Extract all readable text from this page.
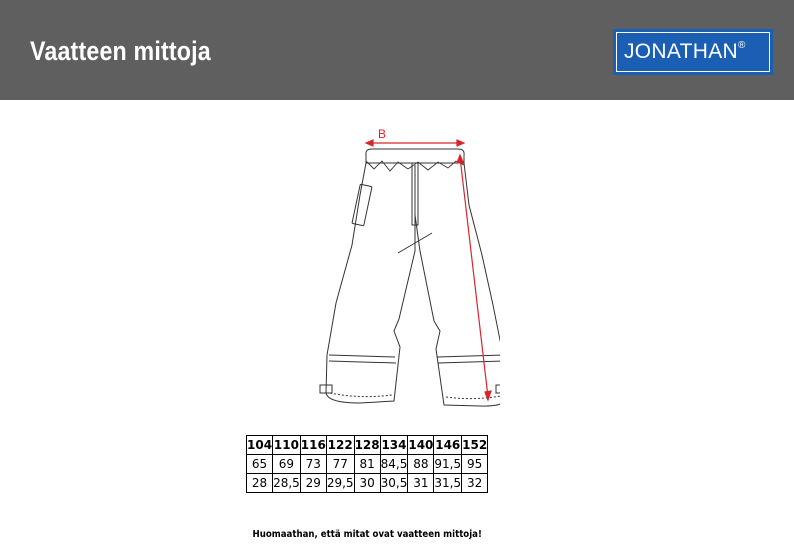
Vaatteen mittoja	JONATHAN®
B
104	110	116	122	128	134	140	146	152
65	69	73	77	81	84,5	88	91,5	95
28	28,5	29	29,5	30	30,5	31	31,5	32
Huomaathan, että mitat ovat vaatteen mittoja!
